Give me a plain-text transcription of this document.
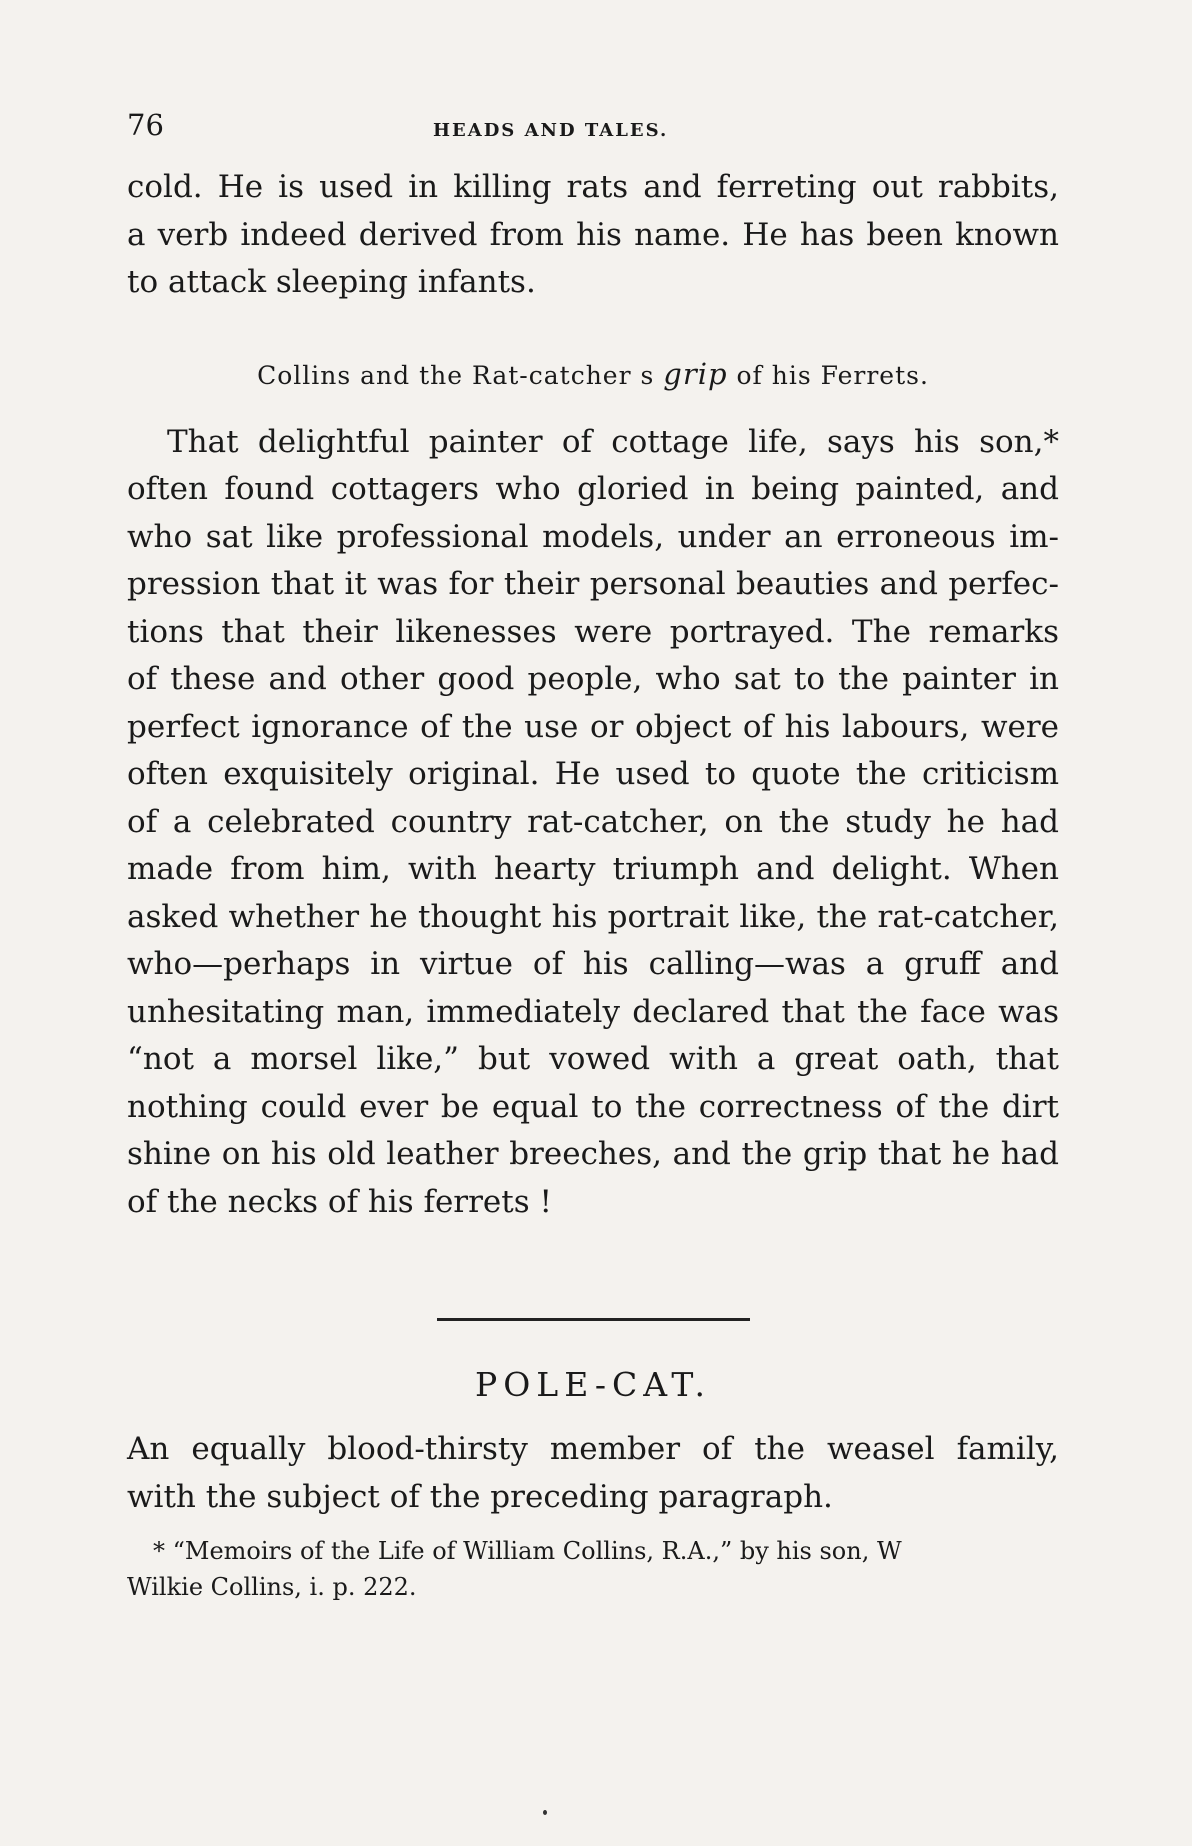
76	HEADS AND TALES.

cold. He is used in killing rats and ferreting out rabbits,
a verb indeed derived from his name. He has been known
to attack sleeping infants.

Collins and the Rat-catcher s grip of his Ferrets.

That delightful painter of cottage life, says his son,*
often found cottagers who gloried in being painted, and
who sat like professional models, under an erroneous im-
pression that it was for their personal beauties and perfec-
tions that their likenesses were portrayed. The remarks
of these and other good people, who sat to the painter in
perfect ignorance of the use or object of his labours, were
often exquisitely original. He used to quote the criticism
of a celebrated country rat-catcher, on the study he had
made from him, with hearty triumph and delight. When
asked whether he thought his portrait like, the rat-catcher,
who—perhaps in virtue of his calling—was a gruff and
unhesitating man, immediately declared that the face was
“not a morsel like,” but vowed with a great oath, that
nothing could ever be equal to the correctness of the dirt
shine on his old leather breeches, and the grip that he had
of the necks of his ferrets !

POLE-CAT.

An equally blood-thirsty member of the weasel family,
with the subject of the preceding paragraph.

* “Memoirs of the Life of William Collins, R.A.,” by his son, W
Wilkie Collins, i. p. 222.
